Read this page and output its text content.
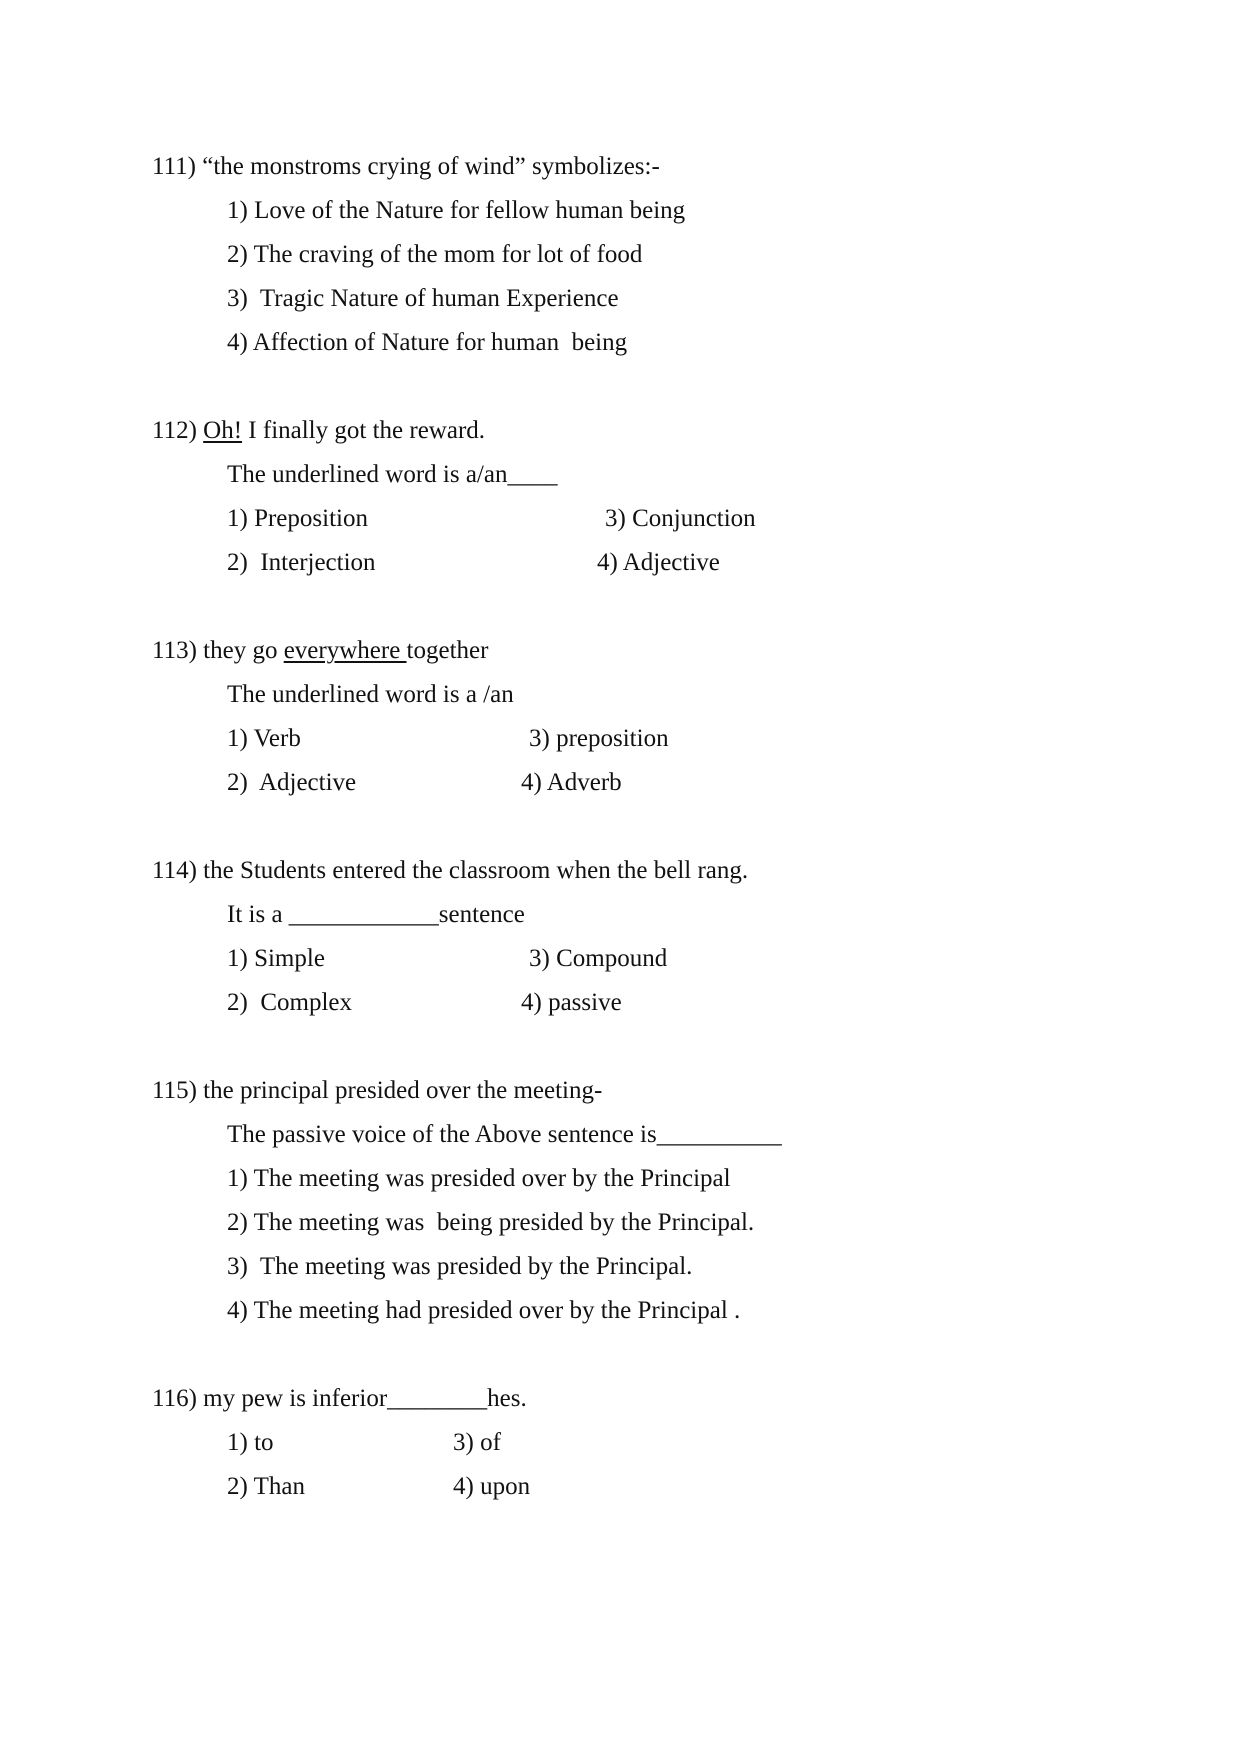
111) “the monstroms crying of wind” symbolizes:-
1) Love of the Nature for fellow human being
2) The craving of the mom for lot of food
3)  Tragic Nature of human Experience
4) Affection of Nature for human  being
112) Oh! I finally got the reward.
The underlined word is a/an____
1) Preposition	3) Conjunction
2)  Interjection	4) Adjective
113) they go everywhere together
The underlined word is a /an
1) Verb	3) preposition
2)  Adjective	4) Adverb
114) the Students entered the classroom when the bell rang.
It is a ____________sentence
1) Simple	3) Compound
2)  Complex	4) passive
115) the principal presided over the meeting-
The passive voice of the Above sentence is__________
1) The meeting was presided over by the Principal
2) The meeting was  being presided by the Principal.
3)  The meeting was presided by the Principal.
4) The meeting had presided over by the Principal .
116) my pew is inferior________hes.
1) to	3) of
2) Than	4) upon
